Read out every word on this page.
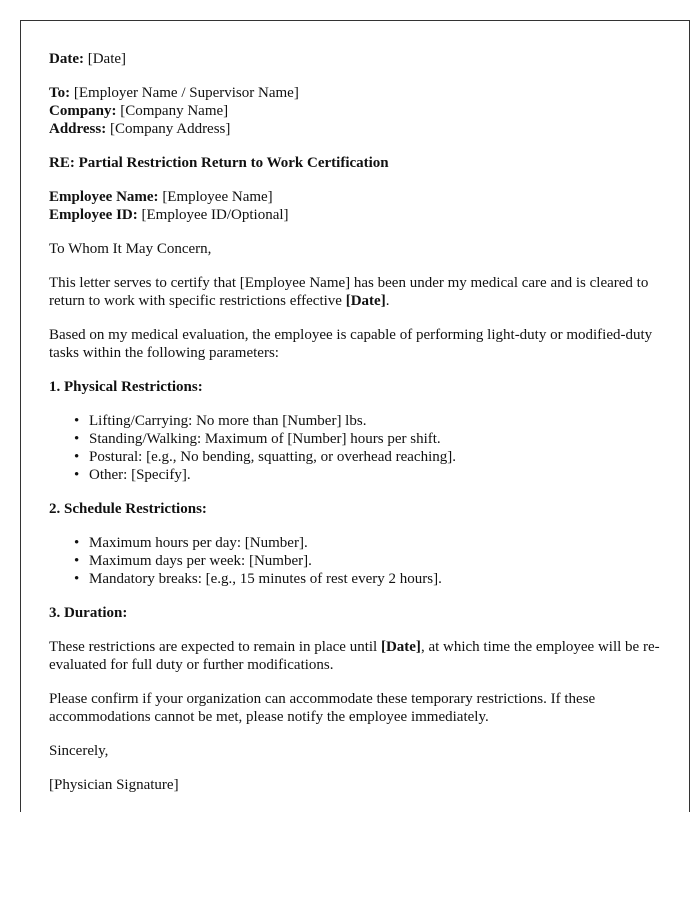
Date: [Date]

To: [Employer Name / Supervisor Name]
Company: [Company Name]
Address: [Company Address]

RE: Partial Restriction Return to Work Certification

Employee Name: [Employee Name]
Employee ID: [Employee ID/Optional]

To Whom It May Concern,

This letter serves to certify that [Employee Name] has been under my medical care and is cleared to return to work with specific restrictions effective [Date].

Based on my medical evaluation, the employee is capable of performing light-duty or modified-duty tasks within the following parameters:

1. Physical Restrictions:
• Lifting/Carrying: No more than [Number] lbs.
• Standing/Walking: Maximum of [Number] hours per shift.
• Postural: [e.g., No bending, squatting, or overhead reaching].
• Other: [Specify].
2. Schedule Restrictions:
• Maximum hours per day: [Number].
• Maximum days per week: [Number].
• Mandatory breaks: [e.g., 15 minutes of rest every 2 hours].
3. Duration:

These restrictions are expected to remain in place until [Date], at which time the employee will be re-evaluated for full duty or further modifications.

Please confirm if your organization can accommodate these temporary restrictions. If these accommodations cannot be met, please notify the employee immediately.

Sincerely,

[Physician Signature]
